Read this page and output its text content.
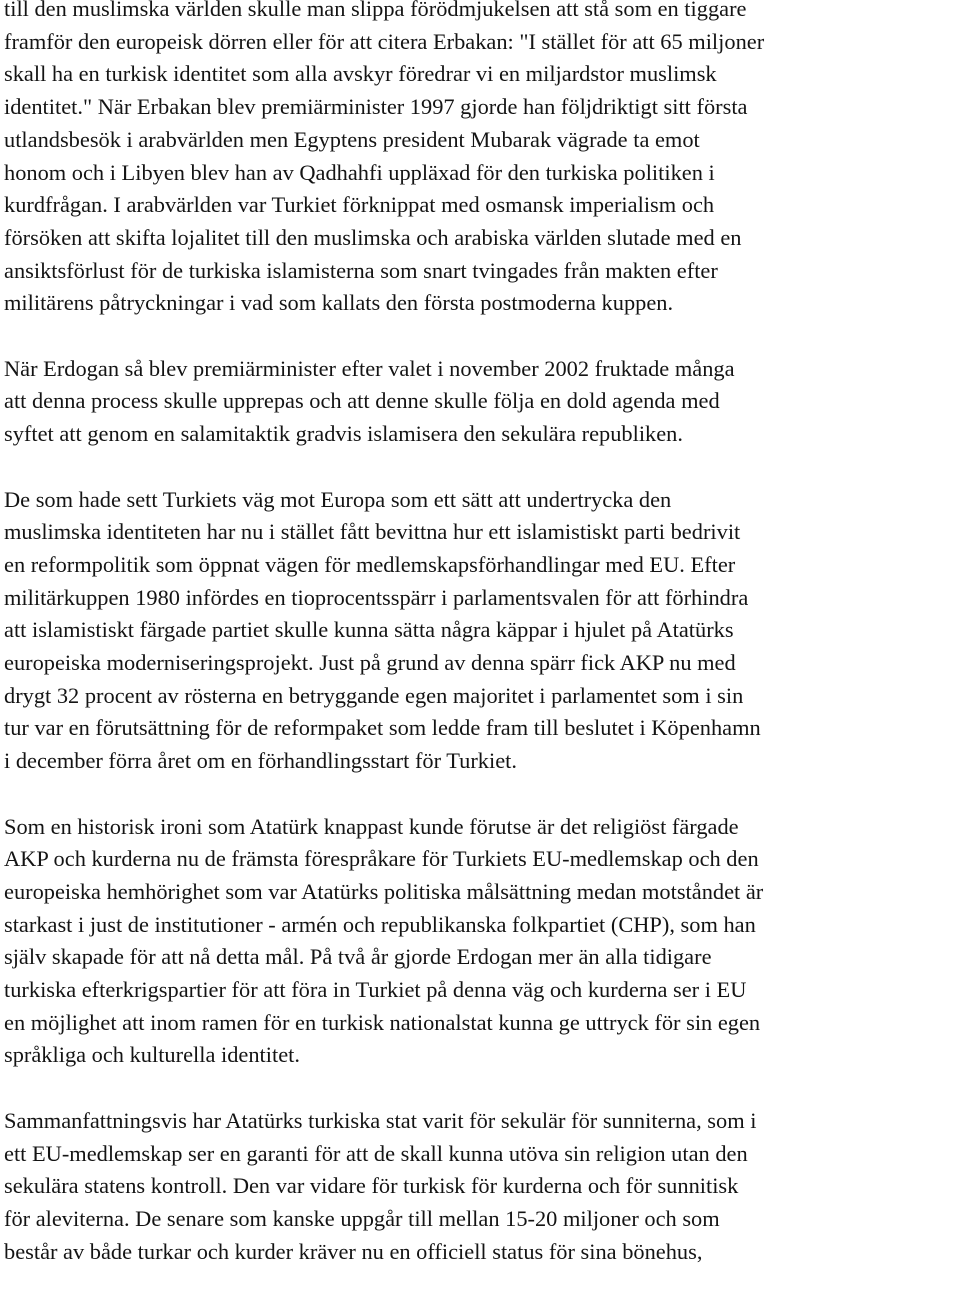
till den muslimska världen skulle man slippa förödmjukelsen att stå som en tiggare
framför den europeisk dörren eller för att citera Erbakan: "I stället för att 65 miljoner
skall ha en turkisk identitet som alla avskyr föredrar vi en miljardstor muslimsk
identitet." När Erbakan blev premiärminister 1997 gjorde han följdriktigt sitt första
utlandsbesök i arabvärlden men Egyptens president Mubarak vägrade ta emot
honom och i Libyen blev han av Qadhahfi uppläxad för den turkiska politiken i
kurdfrågan. I arabvärlden var Turkiet förknippat med osmansk imperialism och
försöken att skifta lojalitet till den muslimska och arabiska världen slutade med en
ansiktsförlust för de turkiska islamisterna som snart tvingades från makten efter
militärens påtryckningar i vad som kallats den första postmoderna kuppen.

När Erdogan så blev premiärminister efter valet i november 2002 fruktade många
att denna process skulle upprepas och att denne skulle följa en dold agenda med
syftet att genom en salamitaktik gradvis islamisera den sekulära republiken.

De som hade sett Turkiets väg mot Europa som ett sätt att undertrycka den
muslimska identiteten har nu i stället fått bevittna hur ett islamistiskt parti bedrivit
en reformpolitik som öppnat vägen för medlemskapsförhandlingar med EU. Efter
militärkuppen 1980 infördes en tioprocentsspärr i parlamentsvalen för att förhindra
att islamistiskt färgade partiet skulle kunna sätta några käppar i hjulet på Atatürks
europeiska moderniseringsprojekt. Just på grund av denna spärr fick AKP nu med
drygt 32 procent av rösterna en betryggande egen majoritet i parlamentet som i sin
tur var en förutsättning för de reformpaket som ledde fram till beslutet i Köpenhamn
i december förra året om en förhandlingsstart för Turkiet.

Som en historisk ironi som Atatürk knappast kunde förutse är det religiöst färgade
AKP och kurderna nu de främsta förespråkare för Turkiets EU-medlemskap och den
europeiska hemhörighet som var Atatürks politiska målsättning medan motståndet är
starkast i just de institutioner - armén och republikanska folkpartiet (CHP), som han
själv skapade för att nå detta mål. På två år gjorde Erdogan mer än alla tidigare
turkiska efterkrigspartier för att föra in Turkiet på denna väg och kurderna ser i EU
en möjlighet att inom ramen för en turkisk nationalstat kunna ge uttryck för sin egen
språkliga och kulturella identitet.

Sammanfattningsvis har Atatürks turkiska stat varit för sekulär för sunniterna, som i
ett EU-medlemskap ser en garanti för att de skall kunna utöva sin religion utan den
sekulära statens kontroll. Den var vidare för turkisk för kurderna och för sunnitisk
för aleviterna. De senare som kanske uppgår till mellan 15-20 miljoner och som
består av både turkar och kurder kräver nu en officiell status för sina bönehus,
